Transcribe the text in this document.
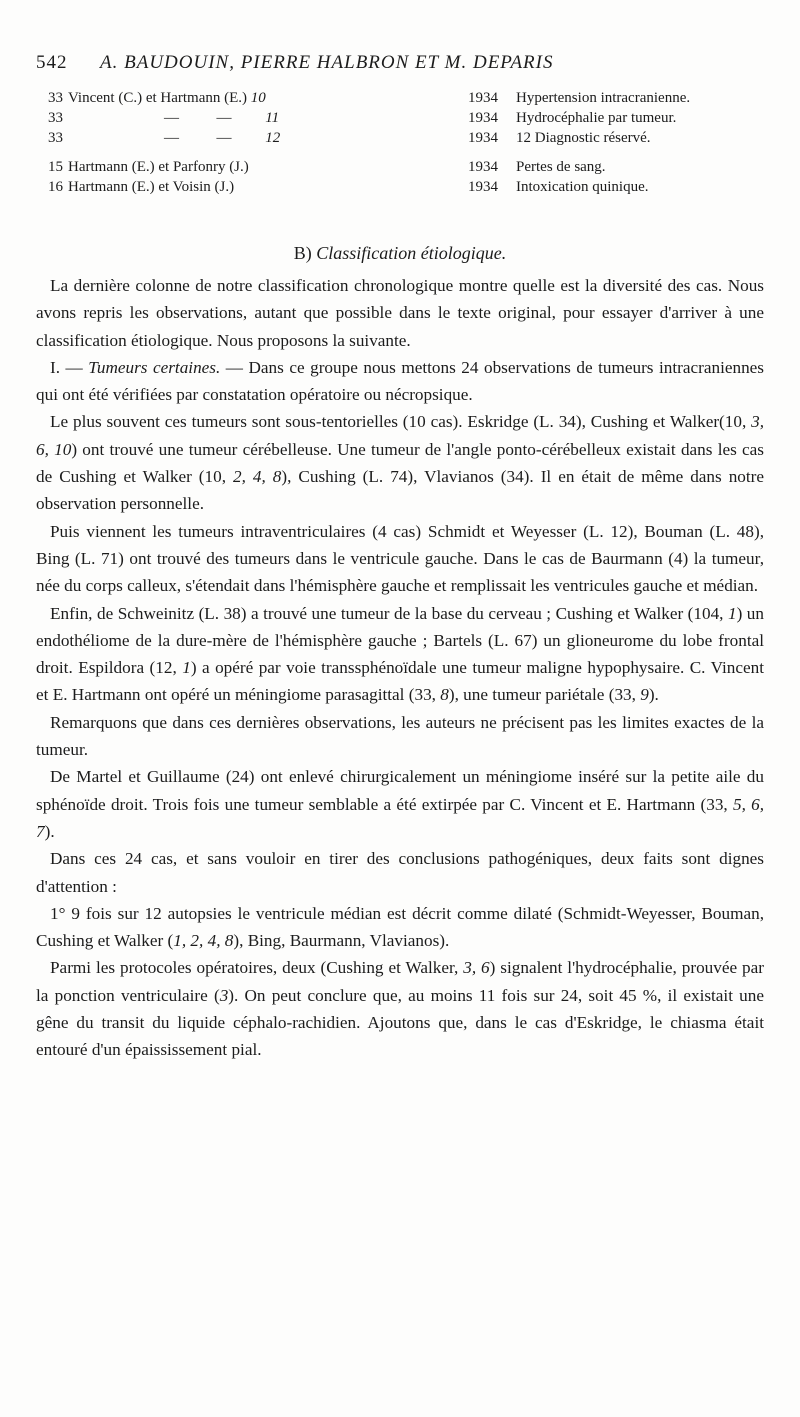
542 A. BAUDOUIN, PIERRE HALBRON ET M. DEPARIS
33	Vincent (C.) et Hartmann (E.) 10	1934	Hypertension intracranienne.
33	—          — 11	1934	Hydrocéphalie par tumeur.
33	—          — 12	1934	12 Diagnostic réservé.
15	Hartmann (E.) et Parfonry (J.)	1934	Pertes de sang.
16	Hartmann (E.) et Voisin (J.)	1934	Intoxication quinique.
B) Classification étiologique.

La dernière colonne de notre classification chronologique montre quelle est la diversité des cas. Nous avons repris les observations, autant que possible dans le texte original, pour essayer d'arriver à une classification étiologique. Nous proposons la suivante.

I. — Tumeurs certaines. — Dans ce groupe nous mettons 24 observations de tumeurs intracraniennes qui ont été vérifiées par constatation opératoire ou nécropsique.

Le plus souvent ces tumeurs sont sous-tentorielles (10 cas). Eskridge (L. 34), Cushing et Walker(10, 3, 6, 10) ont trouvé une tumeur cérébelleuse. Une tumeur de l'angle ponto-cérébelleux existait dans les cas de Cushing et Walker (10, 2, 4, 8), Cushing (L. 74), Vlavianos (34). Il en était de même dans notre observation personnelle.

Puis viennent les tumeurs intraventriculaires (4 cas) Schmidt et Weyesser (L. 12), Bouman (L. 48), Bing (L. 71) ont trouvé des tumeurs dans le ventricule gauche. Dans le cas de Baurmann (4) la tumeur, née du corps calleux, s'étendait dans l'hémisphère gauche et remplissait les ventricules gauche et médian.

Enfin, de Schweinitz (L. 38) a trouvé une tumeur de la base du cerveau ; Cushing et Walker (104, 1) un endothéliome de la dure-mère de l'hémisphère gauche ; Bartels (L. 67) un glioneurome du lobe frontal droit. Espildora (12, 1) a opéré par voie transsphénoïdale une tumeur maligne hypophysaire. C. Vincent et E. Hartmann ont opéré un méningiome parasagittal (33, 8), une tumeur pariétale (33, 9).

Remarquons que dans ces dernières observations, les auteurs ne précisent pas les limites exactes de la tumeur.

De Martel et Guillaume (24) ont enlevé chirurgicalement un méningiome inséré sur la petite aile du sphénoïde droit. Trois fois une tumeur semblable a été extirpée par C. Vincent et E. Hartmann (33, 5, 6, 7).

Dans ces 24 cas, et sans vouloir en tirer des conclusions pathogéniques, deux faits sont dignes d'attention :

1° 9 fois sur 12 autopsies le ventricule médian est décrit comme dilaté (Schmidt-Weyesser, Bouman, Cushing et Walker (1, 2, 4, 8), Bing, Baurmann, Vlavianos).

Parmi les protocoles opératoires, deux (Cushing et Walker, 3, 6) signalent l'hydrocéphalie, prouvée par la ponction ventriculaire (3). On peut conclure que, au moins 11 fois sur 24, soit 45 %, il existait une gêne du transit du liquide céphalo-rachidien. Ajoutons que, dans le cas d'Eskridge, le chiasma était entouré d'un épaississement pial.
